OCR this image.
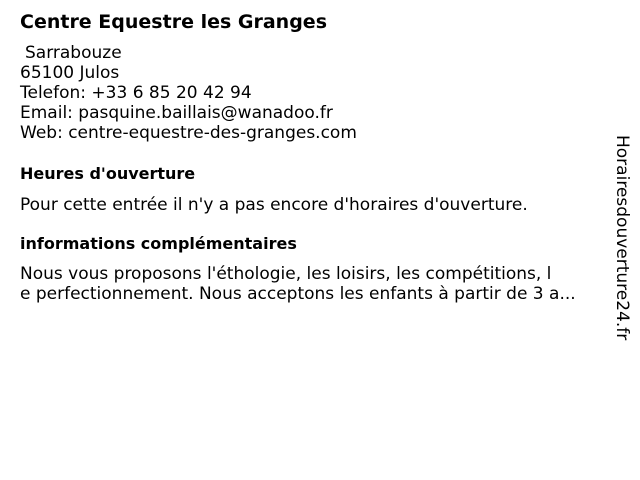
Centre Equestre les Granges
Sarrabouze
65100 Julos
Telefon: +33 6 85 20 42 94
Email: pasquine.baillais@wanadoo.fr
Web: centre-equestre-des-granges.com
Heures d'ouverture
Pour cette entrée il n'y a pas encore d'horaires d'ouverture.
informations complémentaires
Nous vous proposons l'éthologie, les loisirs, les compétitions, l
e perfectionnement. Nous acceptons les enfants à partir de 3 a... Horairesdouverture24.fr
